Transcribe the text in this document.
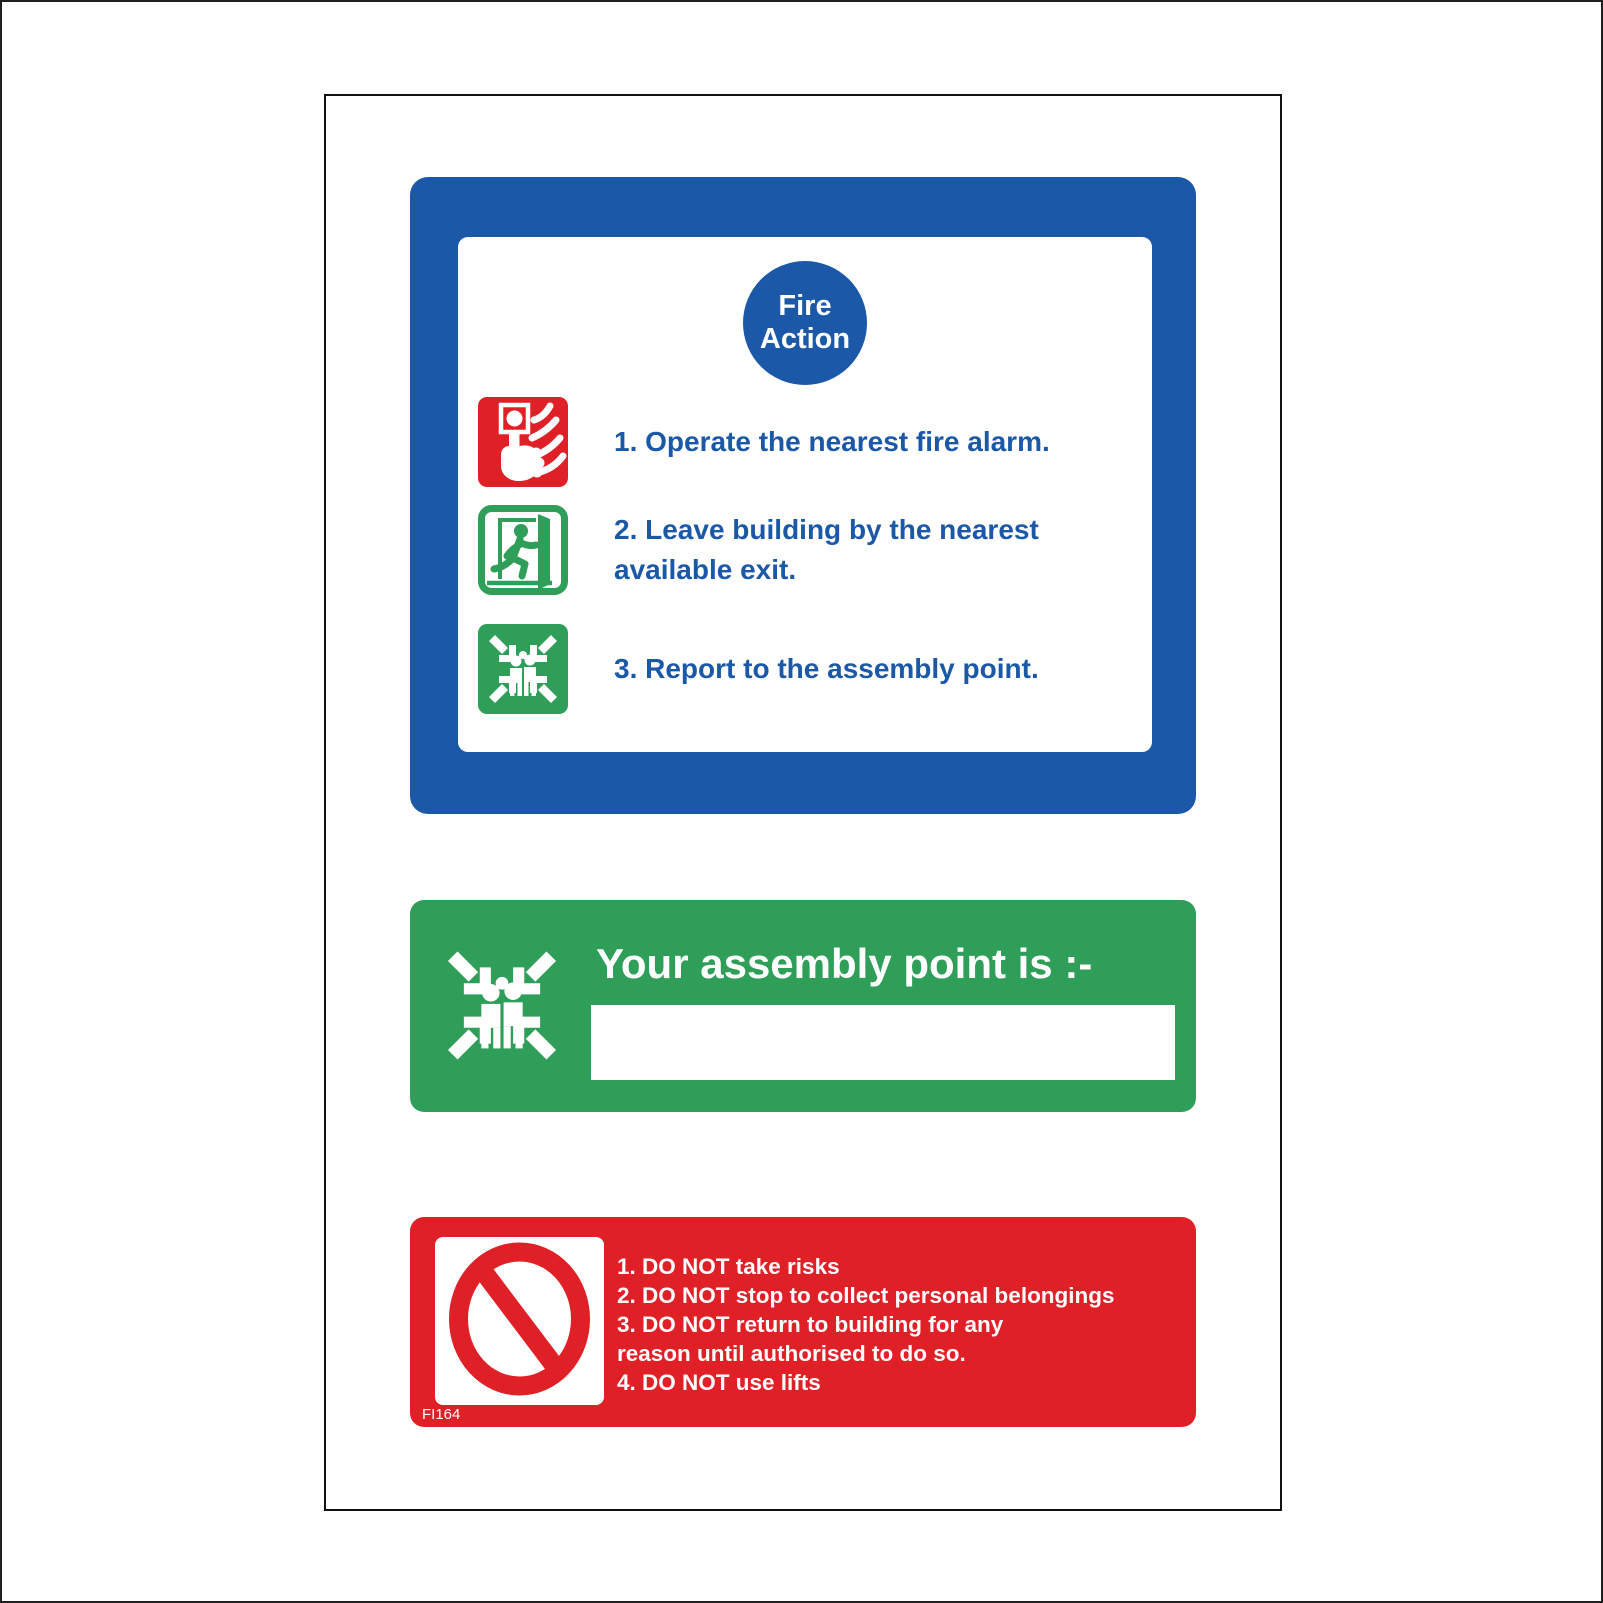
Fire
Action
1. Operate the nearest fire alarm.
2. Leave building by the nearest
available exit.
3. Report to the assembly point.
Your assembly point is :-
1. DO NOT take risks
2. DO NOT stop to collect personal belongings
3. DO NOT return to building for any
reason until authorised to do so.
4. DO NOT use lifts
FI164
